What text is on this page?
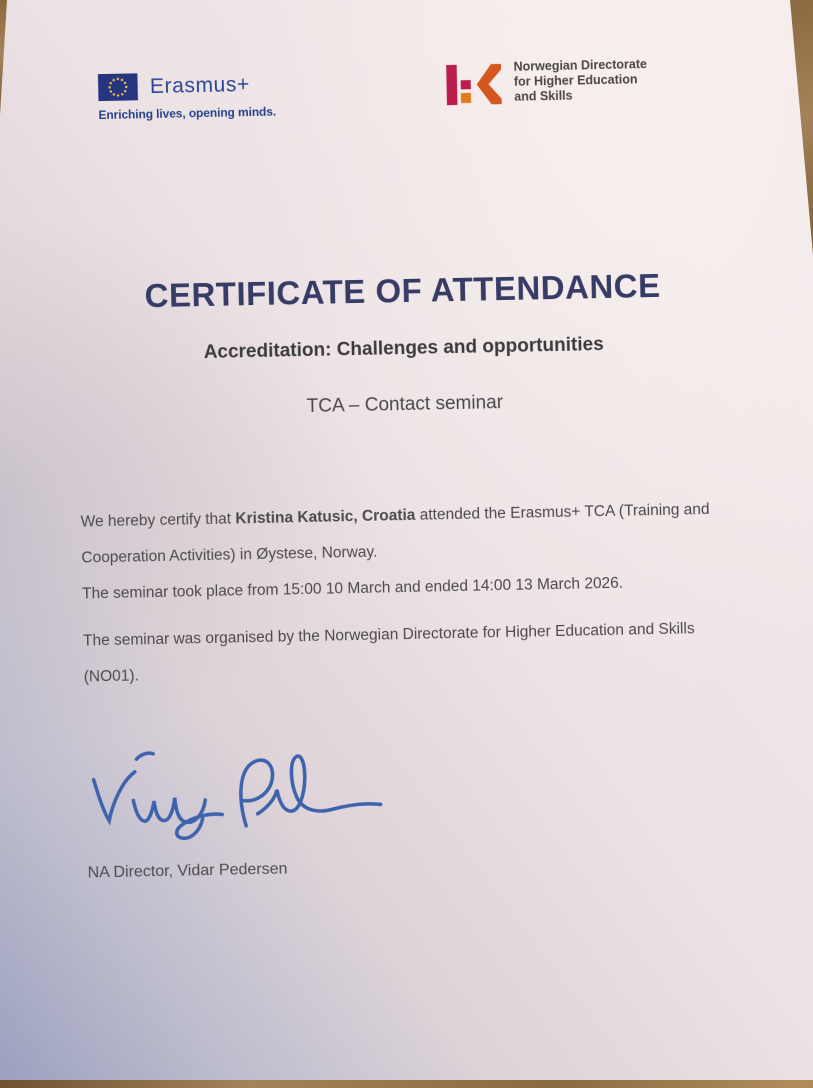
Erasmus+
Enriching lives, opening minds.
Norwegian Directorate
for Higher Education
and Skills
CERTIFICATE OF ATTENDANCE
Accreditation: Challenges and opportunities
TCA – Contact seminar
We hereby certify that Kristina Katusic, Croatia attended the Erasmus+ TCA (Training and
Cooperation Activities) in Øystese, Norway.
The seminar took place from 15:00 10 March and ended 14:00 13 March 2026.
The seminar was organised by the Norwegian Directorate for Higher Education and Skills
(NO01).
NA Director, Vidar Pedersen
